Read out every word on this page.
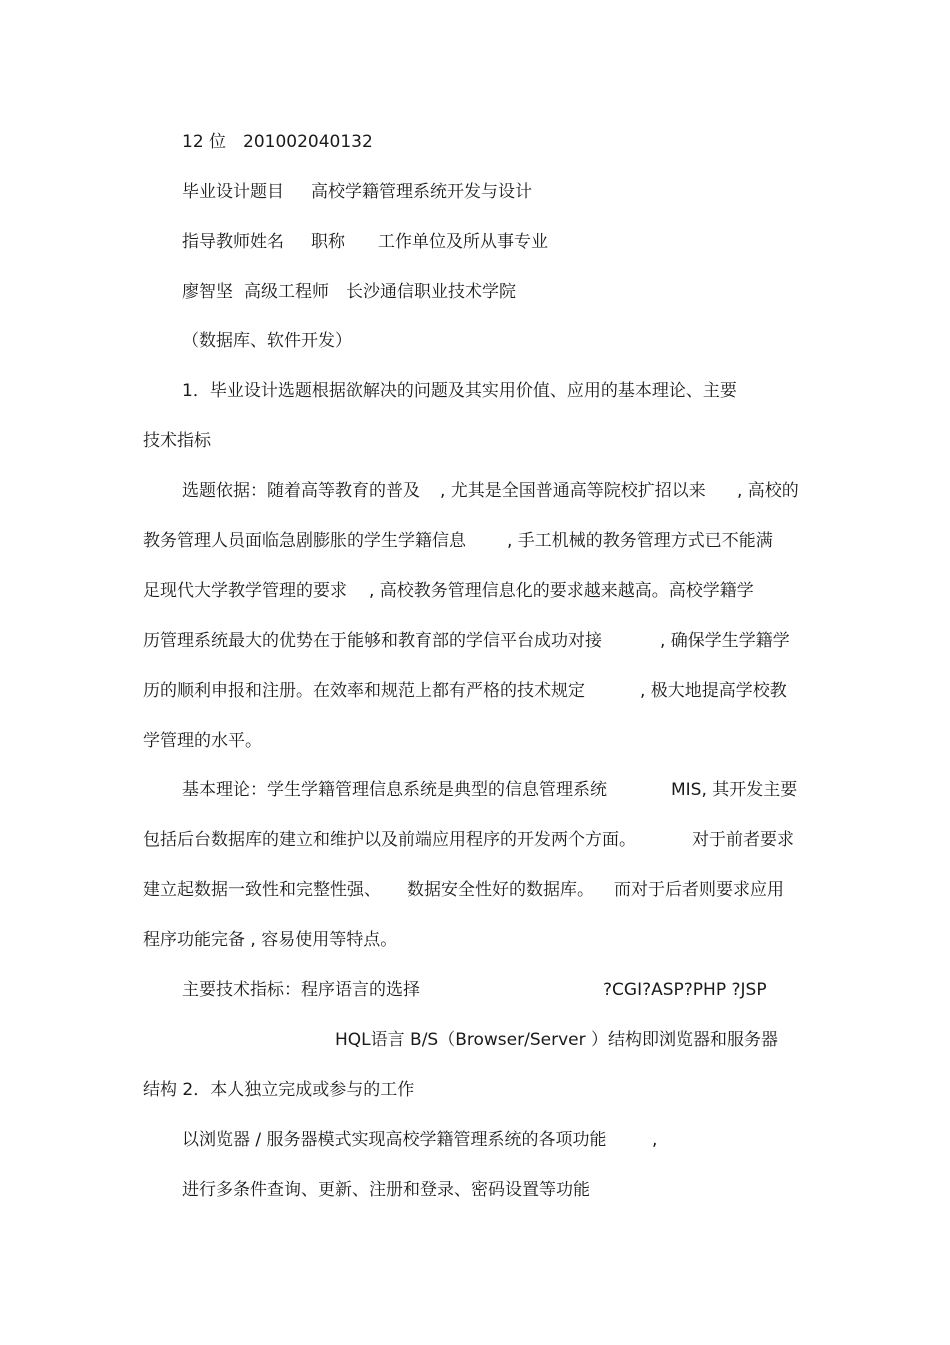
12 位 201002040132
毕业设计题目 高校学籍管理系统开发与设计
指导教师姓名 职称 工作单位及所从事专业
廖智坚 高级工程师 长沙通信职业技术学院
（数据库、软件开发）
1．毕业设计选题根据欲解决的问题及其实用价值、应用的基本理论、主要
技术指标
选题依据：随着高等教育的普及 , 尤其是全国普通高等院校扩招以来 , 高校的
教务管理人员面临急剧膨胀的学生学籍信息 , 手工机械的教务管理方式已不能满
足现代大学教学管理的要求 , 高校教务管理信息化的要求越来越高。高校学籍学
历管理系统最大的优势在于能够和教育部的学信平台成功对接	, 确保学生学籍学
历的顺利申报和注册。在效率和规范上都有严格的技术规定	, 极大地提高学校教
学管理的水平。
基本理论：学生学籍管理信息系统是典型的信息管理系统	MIS, 其开发主要
包括后台数据库的建立和维护以及前端应用程序的开发两个方面。	对于前者要求
建立起数据一致性和完整性强、 数据安全性好的数据库。 而对于后者则要求应用
程序功能完备 , 容易使用等特点。
主要技术指标：程序语言的选择	?CGI?ASP?PHP ?JSP
HQL语言 B/S（Browser/Server ）结构即浏览器和服务器
结构 2．本人独立完成或参与的工作
以浏览器 / 服务器模式实现高校学籍管理系统的各项功能	,
进行多条件查询、更新、注册和登录、密码设置等功能
